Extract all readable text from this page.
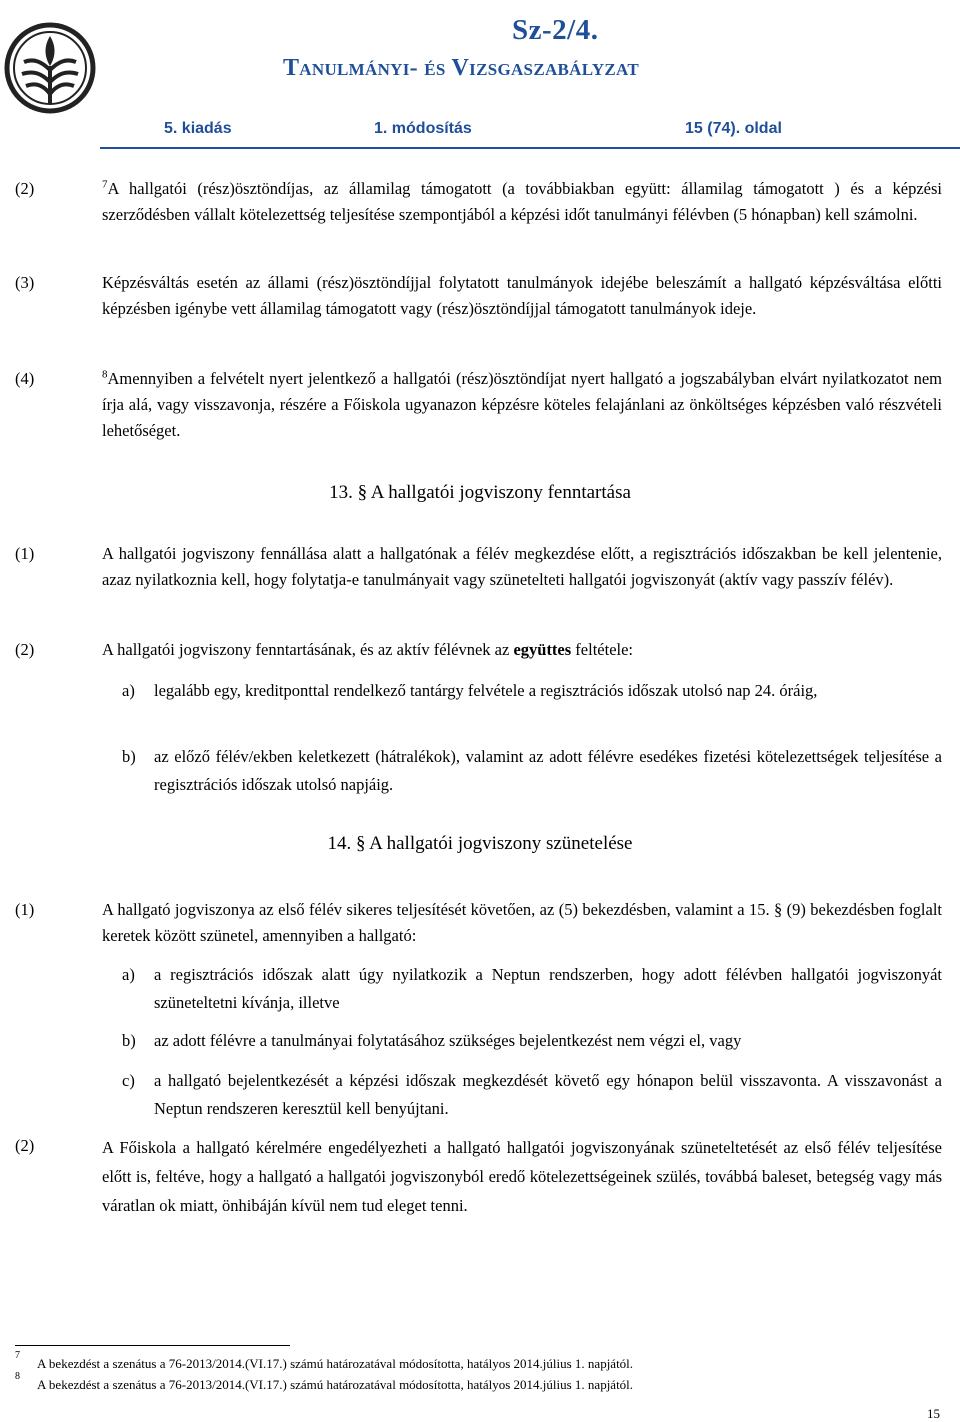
Sz-2/4.
Tanulmányi- és Vizsgaszabályzat
5. kiadás	1. módosítás	15 (74). oldal
(2)	$^7$A hallgatói (rész)ösztöndíjas, az államilag támogatott (a továbbiakban együtt: államilag támogatott ) és a képzési szerződésben vállalt kötelezettség teljesítése szempontjából a képzési időt tanulmányi félévben (5 hónapban) kell számolni.
(3)	Képzésváltás esetén az állami (rész)ösztöndíjjal folytatott tanulmányok idejébe beleszámít a hallgató képzésváltása előtti képzésben igénybe vett államilag támogatott vagy (rész)ösztöndíjjal támogatott tanulmányok ideje.
(4)	$^8$Amennyiben a felvételt nyert jelentkező a hallgatói (rész)ösztöndíjat nyert hallgató a jogszabályban elvárt nyilatkozatot nem írja alá, vagy visszavonja, részére a Főiskola ugyanazon képzésre köteles felajánlani az önköltséges képzésben való részvételi lehetőséget.
13. § A hallgatói jogviszony fenntartása
(1)	A hallgatói jogviszony fennállása alatt a hallgatónak a félév megkezdése előtt, a regisztrációs időszakban be kell jelentenie, azaz nyilatkoznia kell, hogy folytatja-e tanulmányait vagy szünetelteti hallgatói jogviszonyát (aktív vagy passzív félév).
(2)	A hallgatói jogviszony fenntartásának, és az aktív félévnek az együttes feltétele:
a) legalább egy, kreditponttal rendelkező tantárgy felvétele a regisztrációs időszak utolsó nap 24. óráig,
b) az előző félév/ekben keletkezett (hátralékok), valamint az adott félévre esedékes fizetési kötelezettségek teljesítése a regisztrációs időszak utolsó napjáig.
14. § A hallgatói jogviszony szünetelése
(1)	A hallgató jogviszonya az első félév sikeres teljesítését követően, az (5) bekezdésben, valamint a 15. § (9) bekezdésben foglalt keretek között szünetel, amennyiben a hallgató:
a) a regisztrációs időszak alatt úgy nyilatkozik a Neptun rendszerben, hogy adott félévben hallgatói jogviszonyát szüneteltetni kívánja, illetve
b) az adott félévre a tanulmányai folytatásához szükséges bejelentkezést nem végzi el, vagy
c) a hallgató bejelentkezését a képzési időszak megkezdését követő egy hónapon belül visszavonta. A visszavonást a Neptun rendszeren keresztül kell benyújtani.
(2)	A Főiskola a hallgató kérelmére engedélyezheti a hallgató hallgatói jogviszonyának szüneteltetését az első félév teljesítése előtt is, feltéve, hogy a hallgató a hallgatói jogviszonyból eredő kötelezettségeinek szülés, továbbá baleset, betegség vagy más váratlan ok miatt, önhibáján kívül nem tud eleget tenni.
7
A bekezdést a szenátus a 76-2013/2014.(VI.17.) számú határozatával módosította, hatályos 2014.július 1. napjától.
8
A bekezdést a szenátus a 76-2013/2014.(VI.17.) számú határozatával módosította, hatályos 2014.július 1. napjától.
15
